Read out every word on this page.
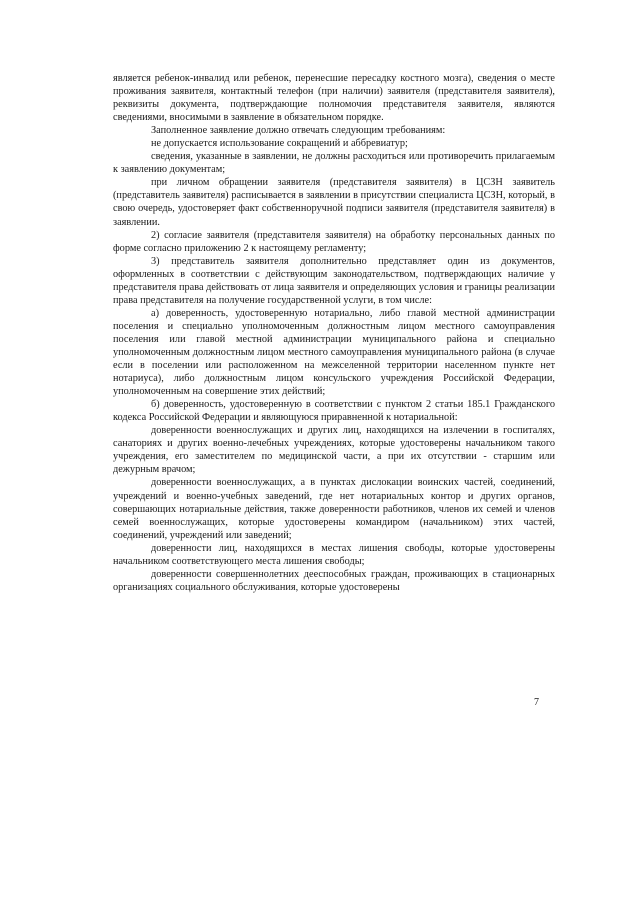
является ребенок-инвалид или ребенок, перенесшие пересадку костного мозга), сведения о месте проживания заявителя, контактный телефон (при наличии) заявителя (представителя заявителя), реквизиты документа, подтверждающие полномочия представителя заявителя, являются сведениями, вносимыми в заявление в обязательном порядке.

Заполненное заявление должно отвечать следующим требованиям:

не допускается использование сокращений и аббревиатур;

сведения, указанные в заявлении, не должны расходиться или противоречить прилагаемым к заявлению документам;

при личном обращении заявителя (представителя заявителя) в ЦСЗН заявитель (представитель заявителя) расписывается в заявлении в присутствии специалиста ЦСЗН, который, в свою очередь, удостоверяет факт собственноручной подписи заявителя (представителя заявителя) в заявлении.

2) согласие заявителя (представителя заявителя) на обработку персональных данных по форме согласно приложению 2 к настоящему регламенту;

3) представитель заявителя дополнительно представляет один из документов, оформленных в соответствии с действующим законодательством, подтверждающих наличие у представителя права действовать от лица заявителя и определяющих условия и границы реализации права представителя на получение государственной услуги, в том числе:

а) доверенность, удостоверенную нотариально, либо главой местной администрации поселения и специально уполномоченным должностным лицом местного самоуправления поселения или главой местной администрации муниципального района и специально уполномоченным должностным лицом местного самоуправления муниципального района (в случае если в поселении или расположенном на межселенной территории населенном пункте нет нотариуса), либо должностным лицом консульского учреждения Российской Федерации, уполномоченным на совершение этих действий;

б) доверенность, удостоверенную в соответствии с пунктом 2 статьи 185.1 Гражданского кодекса Российской Федерации и являющуюся приравненной к нотариальной:

доверенности военнослужащих и других лиц, находящихся на излечении в госпиталях, санаториях и других военно-лечебных учреждениях, которые удостоверены начальником такого учреждения, его заместителем по медицинской части, а при их отсутствии - старшим или дежурным врачом;

доверенности военнослужащих, а в пунктах дислокации воинских частей, соединений, учреждений и военно-учебных заведений, где нет нотариальных контор и других органов, совершающих нотариальные действия, также доверенности работников, членов их семей и членов семей военнослужащих, которые удостоверены командиром (начальником) этих частей, соединений, учреждений или заведений;

доверенности лиц, находящихся в местах лишения свободы, которые удостоверены начальником соответствующего места лишения свободы;

доверенности совершеннолетних дееспособных граждан, проживающих в стационарных организациях социального обслуживания, которые удостоверены

7
